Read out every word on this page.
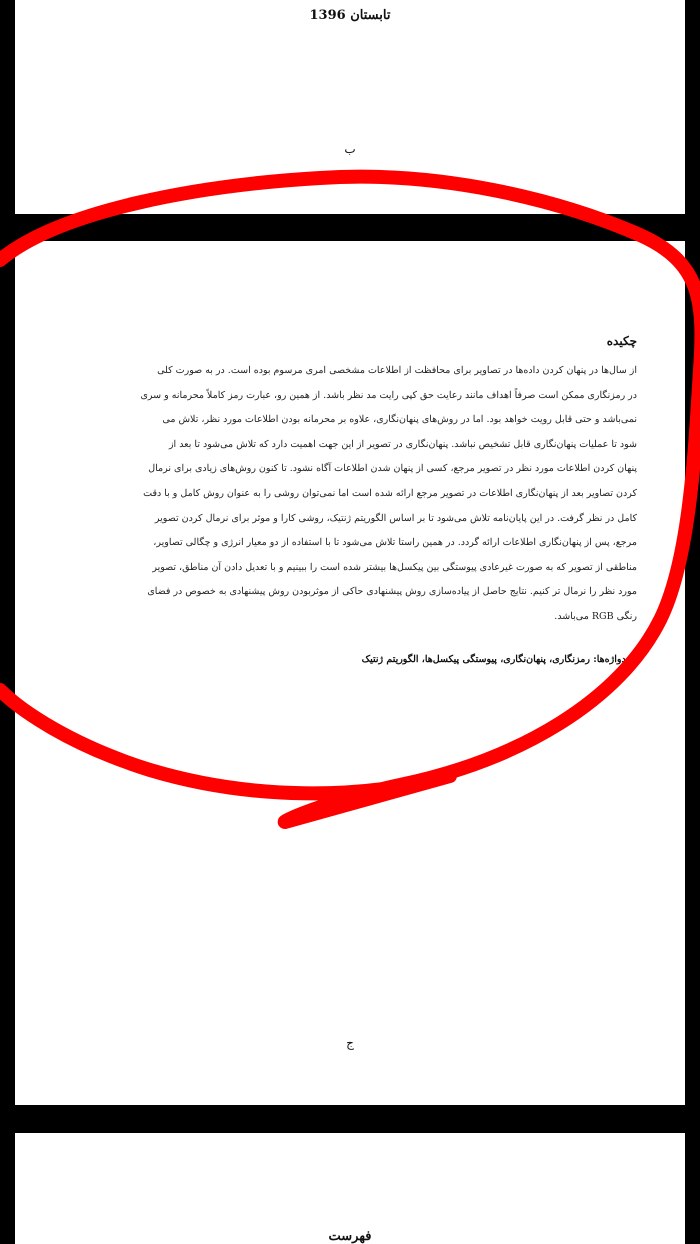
تابستان 1396
ب
چکیده
از سال‌ها در پنهان کردن داده‌ها در تصاویر برای محافظت از اطلاعات مشخصی امری مرسوم بوده است. در به صورت کلی
در رمزنگاری ممکن است صرفاً اهداف مانند رعایت حق کپی رایت مد نظر باشد. از همین رو، عبارت رمز کاملاً محرمانه و سری
نمی‌باشد و حتی قابل رویت خواهد بود. اما در روش‌های پنهان‌نگاری، علاوه بر محرمانه بودن اطلاعات مورد نظر، تلاش می
شود تا عملیات پنهان‌نگاری قابل تشخیص نباشد. پنهان‌نگاری در تصویر از این جهت اهمیت دارد که تلاش می‌شود تا بعد از
پنهان کردن اطلاعات مورد نظر در تصویر مرجع، کسی از پنهان شدن اطلاعات آگاه نشود. تا کنون روش‌های زیادی برای نرمال
کردن تصاویر بعد از پنهان‌نگاری اطلاعات در تصویر مرجع ارائه شده است اما نمی‌توان روشی را به عنوان روش کامل و با دقت
کامل در نظر گرفت. در این پایان‌نامه تلاش می‌شود تا بر اساس الگوریتم ژنتیک، روشی کارا و موثر برای نرمال کردن تصویر
مرجع، پس از پنهان‌نگاری اطلاعات ارائه گردد. در همین راستا تلاش می‌شود تا با استفاده از دو معیار انرژی و چگالی تصاویر،
مناطقی از تصویر که به صورت غیرعادی پیوستگی بین پیکسل‌ها بیشتر شده است را ببینیم و با تعدیل دادن آن مناطق، تصویر
مورد نظر را نرمال تر کنیم. نتایج حاصل از پیاده‌سازی روش پیشنهادی حاکی از موثربودن روش پیشنهادی به خصوص در فضای
رنگی RGB می‌باشد.
کلیدواژه‌ها: رمزنگاری، پنهان‌نگاری، پیوستگی پیکسل‌ها، الگوریتم ژنتیک
ج
فهرست
